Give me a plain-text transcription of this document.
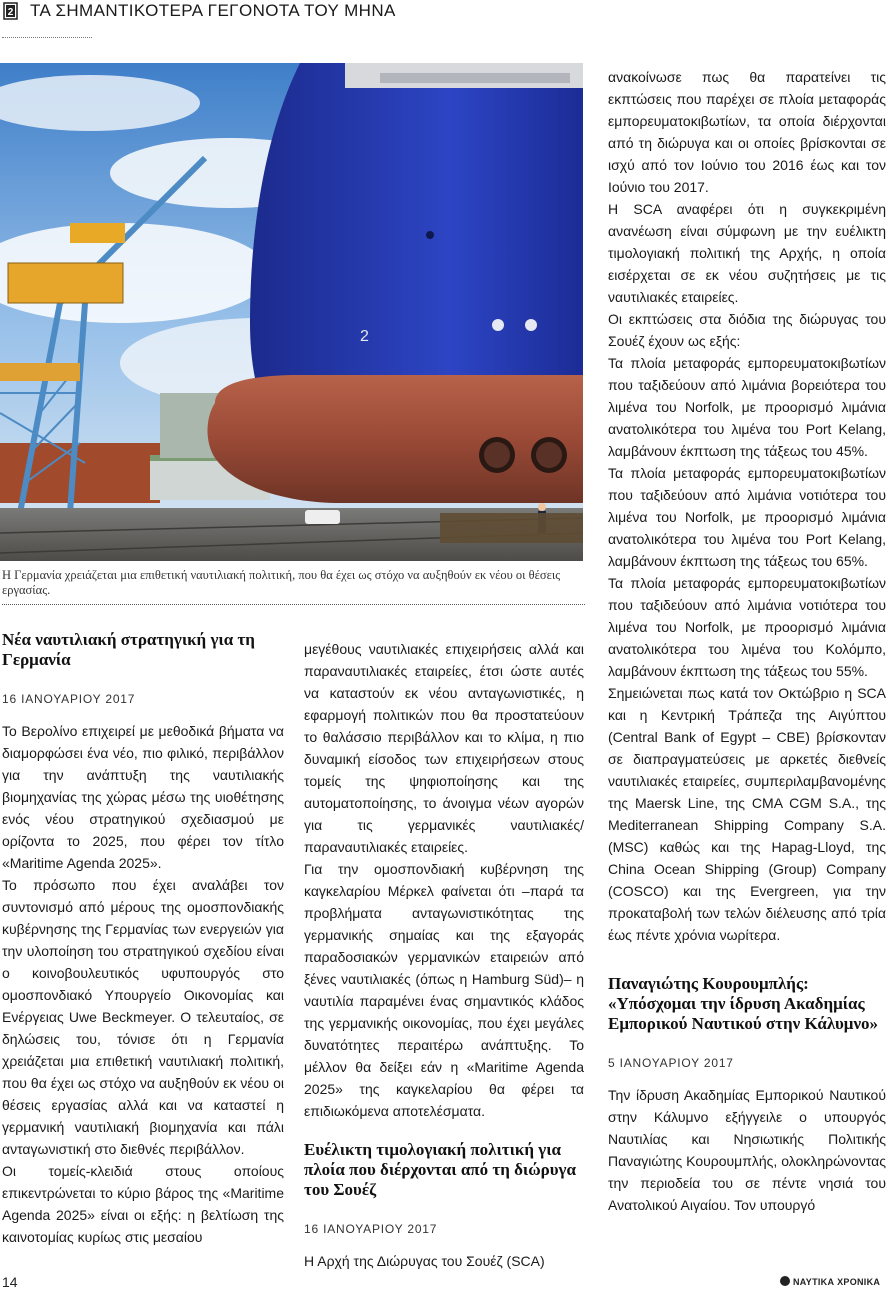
2 ΤΑ ΣΗΜΑΝΤΙΚΟΤΕΡΑ ΓΕΓΟΝΟΤΑ ΤΟΥ ΜΗΝΑ
2
Η Γερμανία χρειάζεται μια επιθετική ναυτιλιακή πολιτική, που θα έχει ως στόχο να αυξηθούν εκ νέου οι θέσεις εργασίας.
Νέα ναυτιλιακή στρατηγική για τη Γερμανία
16 ΙΑΝΟΥΑΡΙΟΥ 2017

Το Βερολίνο επιχειρεί με μεθοδικά βήματα να διαμορφώσει ένα νέο, πιο φιλικό, περιβάλλον για την ανάπτυξη της ναυτιλιακής βιομηχανίας της χώρας μέσω της υιοθέτησης ενός νέου στρατηγικού σχεδιασμού με ορίζοντα το 2025, που φέρει τον τίτλο «Maritime Agenda 2025».

Το πρόσωπο που έχει αναλάβει τον συντονισμό από μέρους της ομοσπονδιακής κυβέρνησης της Γερμανίας των ενεργειών για την υλοποίηση του στρατηγικού σχεδίου είναι ο κοινοβουλευτικός υφυπουργός στο ομοσπονδιακό Υπουργείο Οικονομίας και Ενέργειας Uwe Beckmeyer. Ο τελευταίος, σε δηλώσεις του, τόνισε ότι η Γερμανία χρειάζεται μια επιθετική ναυτιλιακή πολιτική, που θα έχει ως στόχο να αυξηθούν εκ νέου οι θέσεις εργασίας αλλά και να καταστεί η γερμανική ναυτιλιακή βιομηχανία και πάλι ανταγωνιστική στο διεθνές περιβάλλον.

Οι τομείς-κλειδιά στους οποίους επικεντρώνεται το κύριο βάρος της «Maritime Agenda 2025» είναι οι εξής: η βελτίωση της καινοτομίας κυρίως στις μεσαίου

μεγέθους ναυτιλιακές επιχειρήσεις αλλά και παραναυτιλιακές εταιρείες, έτσι ώστε αυτές να καταστούν εκ νέου ανταγωνιστικές, η εφαρμογή πολιτικών που θα προστατεύουν το θαλάσσιο περιβάλλον και το κλίμα, η πιο δυναμική είσοδος των επιχειρήσεων στους τομείς της ψηφιοποίησης και της αυτοματοποίησης, το άνοιγμα νέων αγορών για τις γερμανικές ναυτιλιακές/παραναυτιλιακές εταιρείες.

Για την ομοσπονδιακή κυβέρνηση της καγκελαρίου Μέρκελ φαίνεται ότι –παρά τα προβλήματα ανταγωνιστικότητας της γερμανικής σημαίας και της εξαγοράς παραδοσιακών γερμανικών εταιρειών από ξένες ναυτιλιακές (όπως η Hamburg Süd)– η ναυτιλία παραμένει ένας σημαντικός κλάδος της γερμανικής οικονομίας, που έχει μεγάλες δυνατότητες περαιτέρω ανάπτυξης. Το μέλλον θα δείξει εάν η «Maritime Agenda 2025» της καγκελαρίου θα φέρει τα επιδιωκόμενα αποτελέσματα.

Ευέλικτη τιμολογιακή πολιτική για πλοία που διέρχονται από τη διώρυγα του Σουέζ
16 ΙΑΝΟΥΑΡΙΟΥ 2017

Η Αρχή της Διώρυγας του Σουέζ (SCA)

ανακοίνωσε πως θα παρατείνει τις εκπτώσεις που παρέχει σε πλοία μεταφοράς εμπορευματοκιβωτίων, τα οποία διέρχονται από τη διώρυγα και οι οποίες βρίσκονται σε ισχύ από τον Ιούνιο του 2016 έως και τον Ιούνιο του 2017.

Η SCA αναφέρει ότι η συγκεκριμένη ανανέωση είναι σύμφωνη με την ευέλικτη τιμολογιακή πολιτική της Αρχής, η οποία εισέρχεται σε εκ νέου συζητήσεις με τις ναυτιλιακές εταιρείες.

Οι εκπτώσεις στα διόδια της διώρυγας του Σουέζ έχουν ως εξής:

Τα πλοία μεταφοράς εμπορευματοκιβωτίων που ταξιδεύουν από λιμάνια βορειότερα του λιμένα του Norfolk, με προορισμό λιμάνια ανατολικότερα του λιμένα του Port Kelang, λαμβάνουν έκπτωση της τάξεως του 45%.

Τα πλοία μεταφοράς εμπορευματοκιβωτίων που ταξιδεύουν από λιμάνια νοτιότερα του λιμένα του Norfolk, με προορισμό λιμάνια ανατολικότερα του λιμένα του Port Kelang, λαμβάνουν έκπτωση της τάξεως του 65%.

Τα πλοία μεταφοράς εμπορευματοκιβωτίων που ταξιδεύουν από λιμάνια νοτιότερα του λιμένα του Norfolk, με προορισμό λιμάνια ανατολικότερα του λιμένα του Κολόμπο, λαμβάνουν έκπτωση της τάξεως του 55%.

Σημειώνεται πως κατά τον Οκτώβριο η SCA και η Κεντρική Τράπεζα της Αιγύπτου (Central Bank of Egypt – CBE) βρίσκονταν σε διαπραγματεύσεις με αρκετές διεθνείς ναυτιλιακές εταιρείες, συμπεριλαμβανομένης της Maersk Line, της CMA CGM S.A., της Mediterranean Shipping Company S.A. (MSC) καθώς και της Hapag-Lloyd, της China Ocean Shipping (Group) Company (COSCO) και της Evergreen, για την προκαταβολή των τελών διέλευσης από τρία έως πέντε χρόνια νωρίτερα.

Παναγιώτης Κουρουμπλής: «Υπόσχομαι την ίδρυση Ακαδημίας Εμπορικού Ναυτικού στην Κάλυμνο»
5 ΙΑΝΟΥΑΡΙΟΥ 2017

Την ίδρυση Ακαδημίας Εμπορικού Ναυτικού στην Κάλυμνο εξήγγειλε ο υπουργός Ναυτιλίας και Νησιωτικής Πολιτικής Παναγιώτης Κουρουμπλής, ολοκληρώνοντας την περιοδεία του σε πέντε νησιά του Ανατολικού Αιγαίου. Τον υπουργό

14	ΝΑΥΤΙΚΑ ΧΡΟΝΙΚΑ
